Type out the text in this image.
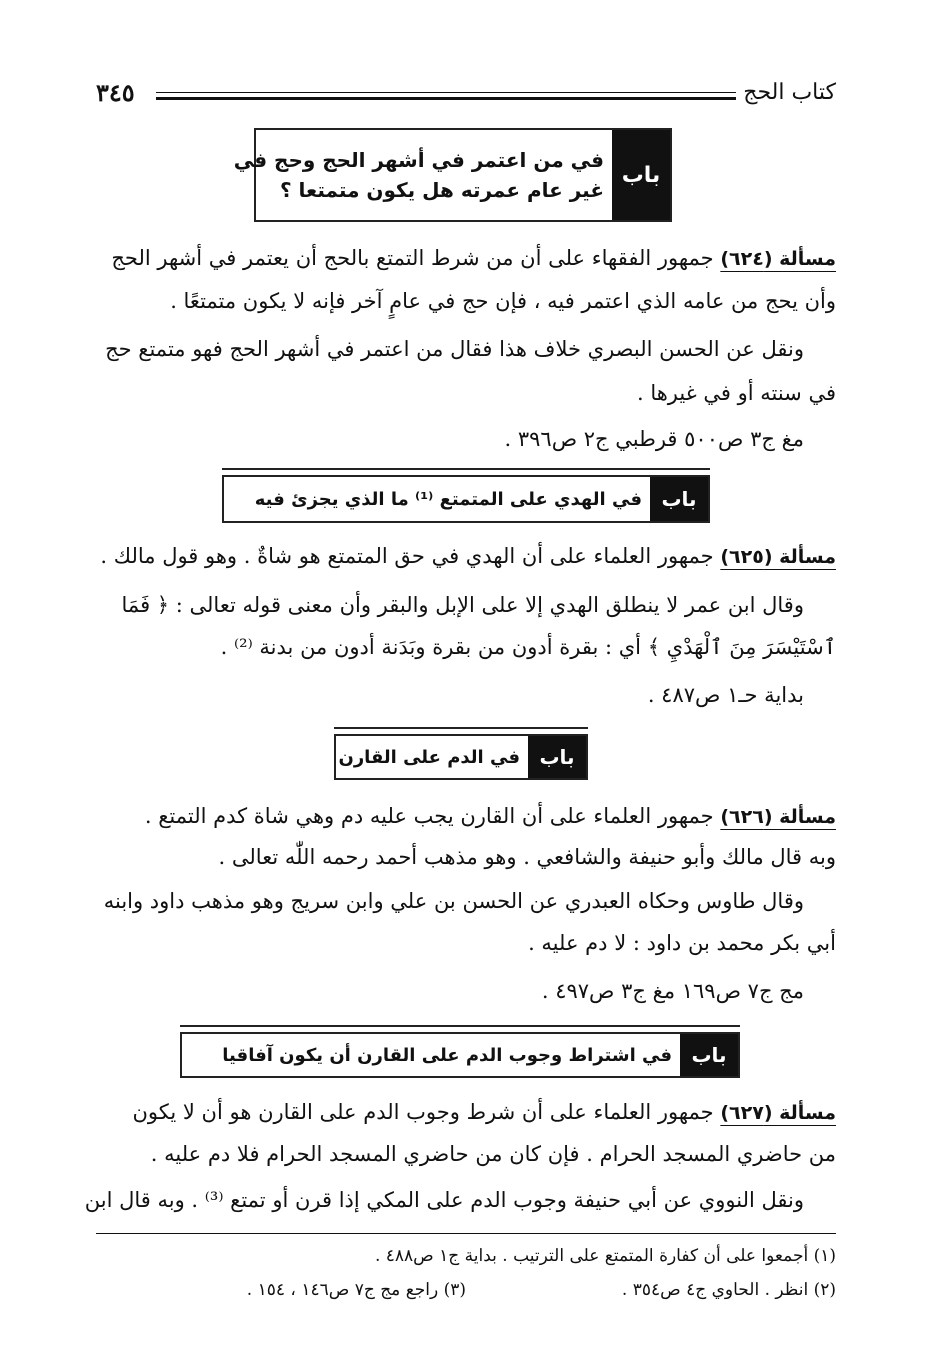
كتاب الحج
٣٤٥
باب
في من اعتمر في أشهر الحج وحج في
غير عام عمرته هل يكون متمتعا ؟
مسألة (٦٢٤) جمهور الفقهاء على أن من شرط التمتع بالحج أن يعتمر في أشهر الحج
وأن يحج من عامه الذي اعتمر فيه ، فإن حج في عامٍ آخر فإنه لا يكون متمتعًا .
ونقل عن الحسن البصري خلاف هذا فقال من اعتمر في أشهر الحج فهو متمتع حج
في سنته أو في غيرها .
مغ ج٣ ص٥٠٠ قرطبي ج٢ ص٣٩٦ .
باب
في الهدي على المتمتع ⁽¹⁾ ما الذي يجزئ فيه
مسألة (٦٢٥) جمهور العلماء على أن الهدي في حق المتمتع هو شاةٌ . وهو قول مالك .
وقال ابن عمر لا ينطلق الهدي إلا على الإبل والبقر وأن معنى قوله تعالى : ﴿ فَمَا
ٱسْتَيْسَرَ مِنَ ٱلْهَدْيِ ﴾ أي : بقرة أدون من بقرة وبَدَنة أدون من بدنة ⁽²⁾ .
بداية حـ١ ص٤٨٧ .
باب
في الدم على القارن
مسألة (٦٢٦) جمهور العلماء على أن القارن يجب عليه دم وهي شاة كدم التمتع .
وبه قال مالك وأبو حنيفة والشافعي . وهو مذهب أحمد رحمه اللّٰه تعالى .
وقال طاوس وحكاه العبدري عن الحسن بن علي وابن سريج وهو مذهب داود وابنه
أبي بكر محمد بن داود : لا دم عليه .
مج ج٧ ص١٦٩ مغ ج٣ ص٤٩٧ .
باب
في اشتراط وجوب الدم على القارن أن يكون آفاقيا
مسألة (٦٢٧) جمهور العلماء على أن شرط وجوب الدم على القارن هو أن لا يكون
من حاضري المسجد الحرام . فإن كان من حاضري المسجد الحرام فلا دم عليه .
ونقل النووي عن أبي حنيفة وجوب الدم على المكي إذا قرن أو تمتع ⁽³⁾ . وبه قال ابن
(١) أجمعوا على أن كفارة المتمتع على الترتيب . بداية ج١ ص٤٨٨ .
(٢) انظر . الحاوي ج٤ ص٣٥٤ .
(٣) راجع مج ج٧ ص١٤٦ ، ١٥٤ .
